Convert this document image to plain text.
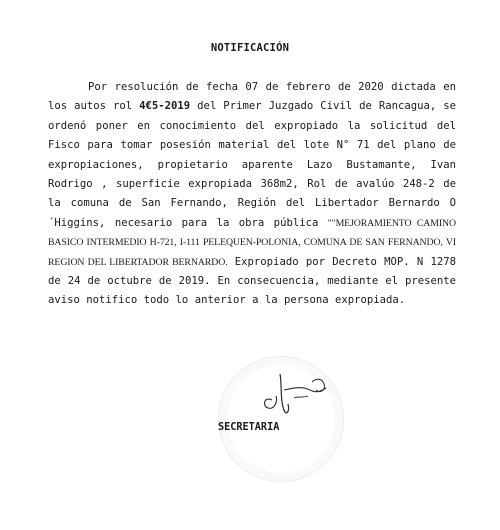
NOTIFICACIÓN
Por resolución de fecha 07 de febrero de 2020 dictada en los autos rol 4€5-2019 del Primer Juzgado Civil de Rancagua, se ordenó poner en conocimiento del expropiado la solicitud del Fisco para tomar posesión material del lote N° 71 del plano de expropiaciones, propietario aparente Lazo Bustamante, Ivan Rodrigo , superficie expropiada 368m2, Rol de avalúo 248-2 de la comuna de San Fernando, Región del Libertador Bernardo O´Higgins, necesario para la obra pública ""MEJORAMIENTO CAMINO BASICO INTERMEDIO H-721, I-111 PELEQUEN-POLONIA, COMUNA DE SAN FERNANDO, VI REGION DEL LIBERTADOR BERNARDO. Expropiado por Decreto MOP. N 1278 de 24 de octubre de 2019. En consecuencia, mediante el presente aviso notifico todo lo anterior a la persona expropiada.
SECRETARIA
